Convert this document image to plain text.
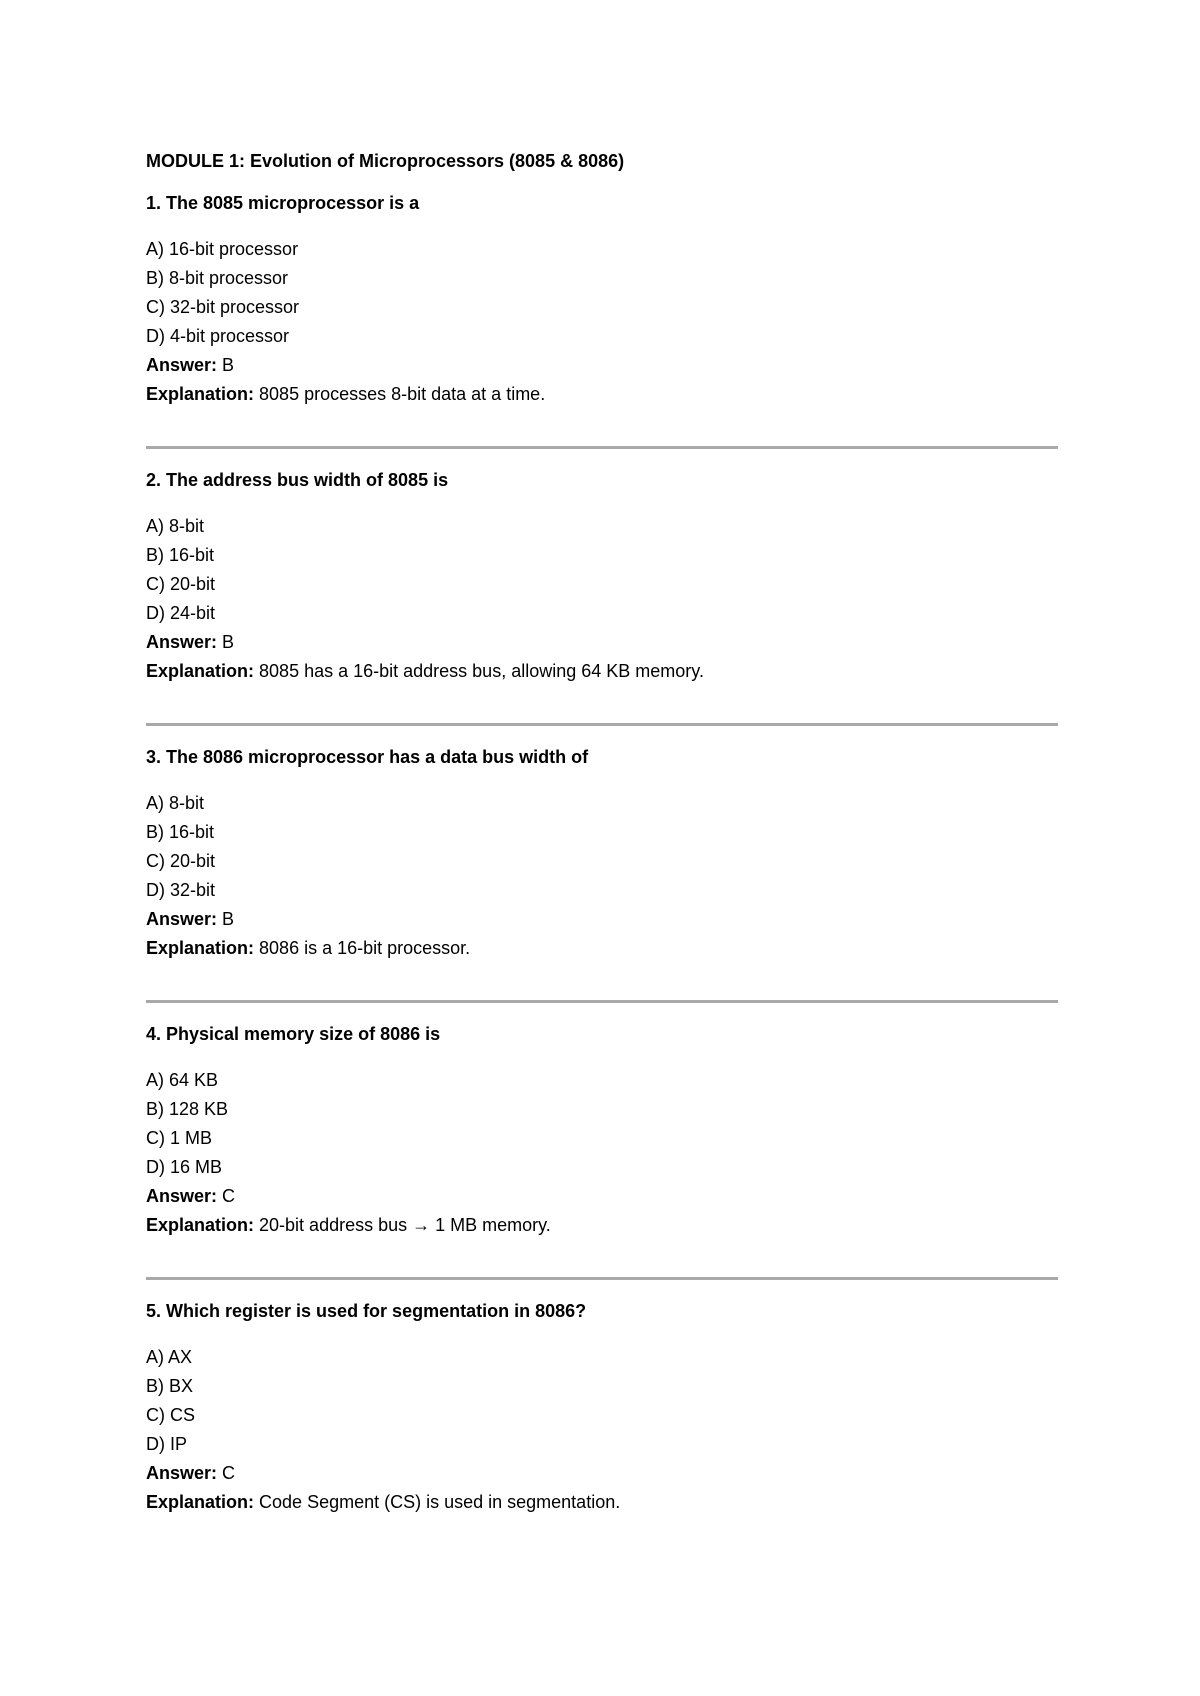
MODULE 1: Evolution of Microprocessors (8085 & 8086)
1. The 8085 microprocessor is a
A) 16-bit processor
B) 8-bit processor
C) 32-bit processor
D) 4-bit processor
Answer: B
Explanation: 8085 processes 8-bit data at a time.
2. The address bus width of 8085 is
A) 8-bit
B) 16-bit
C) 20-bit
D) 24-bit
Answer: B
Explanation: 8085 has a 16-bit address bus, allowing 64 KB memory.
3. The 8086 microprocessor has a data bus width of
A) 8-bit
B) 16-bit
C) 20-bit
D) 32-bit
Answer: B
Explanation: 8086 is a 16-bit processor.
4. Physical memory size of 8086 is
A) 64 KB
B) 128 KB
C) 1 MB
D) 16 MB
Answer: C
Explanation: 20-bit address bus → 1 MB memory.
5. Which register is used for segmentation in 8086?
A) AX
B) BX
C) CS
D) IP
Answer: C
Explanation: Code Segment (CS) is used in segmentation.
